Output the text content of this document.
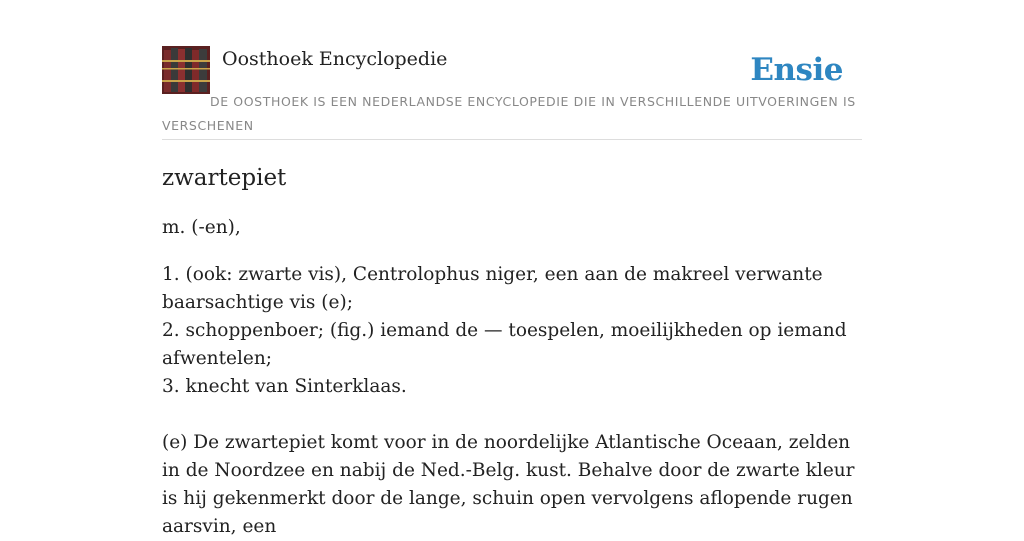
Oosthoek Encyclopedie	Ensie
DE OOSTHOEK IS EEN NEDERLANDSE ENCYCLOPEDIE DIE IN VERSCHILLENDE UITVOERINGEN IS VERSCHENEN
zwartepiet

m. (-en),

1. (ook: zwarte vis), Centrolophus niger, een aan de makreel verwante baarsachtige vis (e);
2. schoppenboer; (fig.) iemand de — toespelen, moeilijkheden op iemand afwentelen;
3. knecht van Sinterklaas.

(e) De zwartepiet komt voor in de noordelijke Atlantische Oceaan, zelden in de Noordzee en nabij de Ned.-Belg. kust. Behalve door de zwarte kleur is hij gekenmerkt door de lange, schuin open vervolgens aflopende rugen aarsvin, een
